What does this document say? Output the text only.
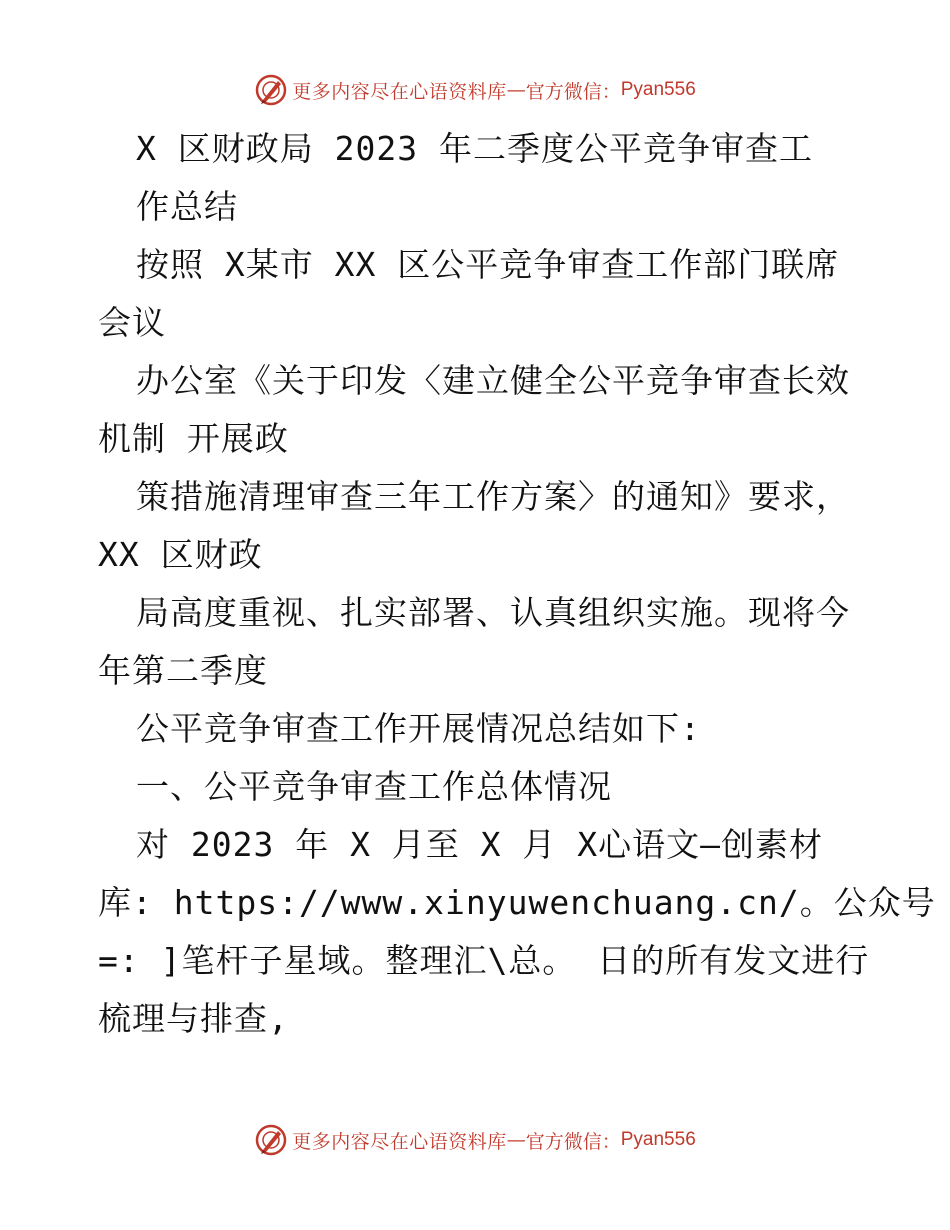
更多内容尽在心语资料库 — 官方微信： Pyan556
X 区财政局 2023 年二季度公平竞争审查工
作总结
按照 X某市 XX 区公平竞争审查工作部门联席
会议
办公室《关于印发〈建立健全公平竞争审查长效
机制 开展政
策措施清理审查三年工作方案〉的通知》要求，
XX 区财政
局高度重视、扎实部署、认真组织实施。现将今
年第二季度
公平竞争审查工作开展情况总结如下:
一、公平竞争审查工作总体情况
对 2023 年 X 月至 X 月 X心语文—创素材
库: https://www.xinyuwenchuang.cn/。公众号
=: ]笔杆子星域。整理汇\总。 日的所有发文进行
梳理与排查,
更多内容尽在心语资料库 — 官方微信： Pyan556
